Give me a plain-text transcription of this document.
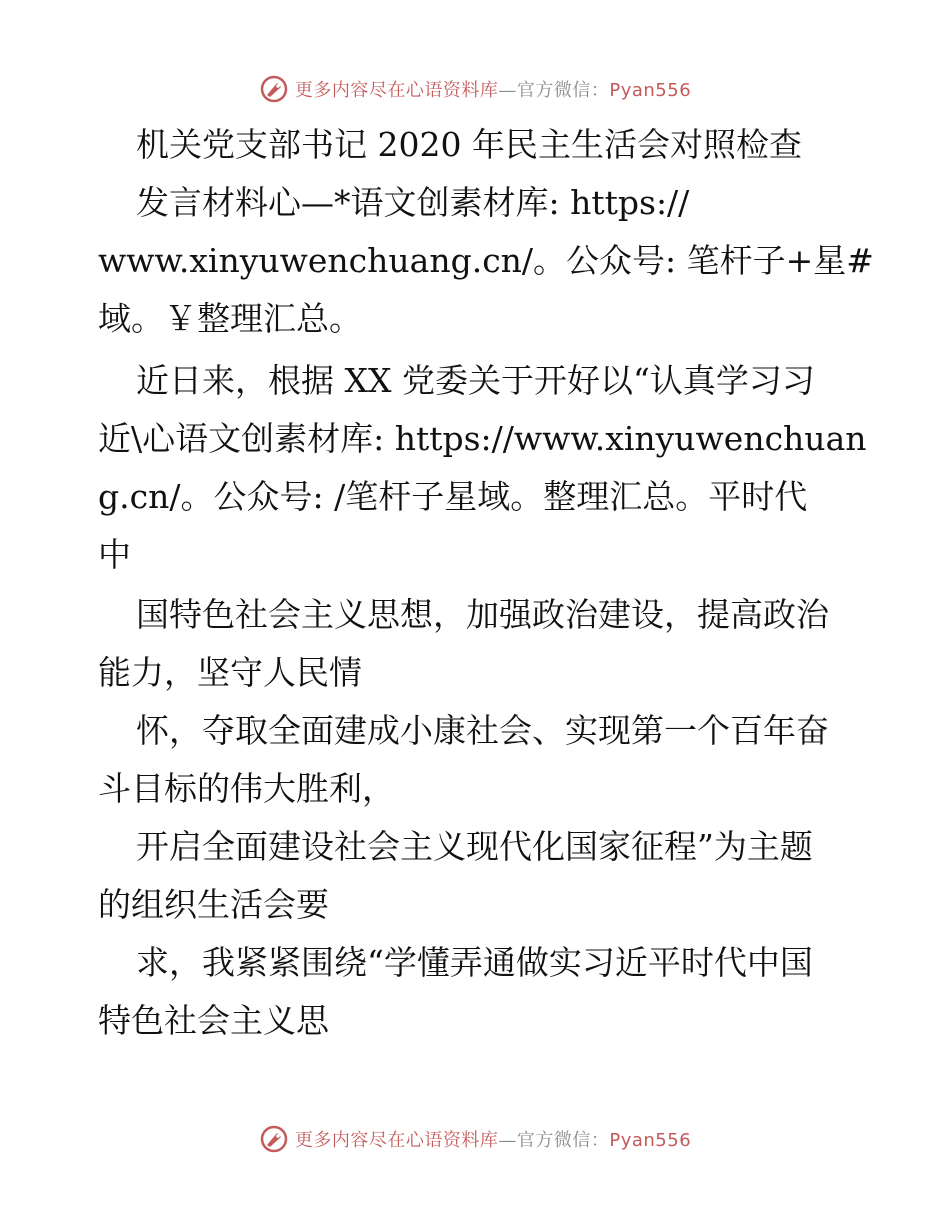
更多内容尽在心语资料库—官方微信：Pyan556
机关党支部书记 2020 年民主生活会对照检查
发言材料心—*语文创素材库: https://
www.xinyuwenchuang.cn/。公众号: 笔杆子+星#
域。￥整理汇总。
近日来，根据 XX 党委关于开好以“认真学习习
近\心语文创素材库: https://www.xinyuwenchuan
g.cn/。公众号: /笔杆子星域。整理汇总。平时代
中
国特色社会主义思想，加强政治建设，提高政治
能力，坚守人民情
怀，夺取全面建成小康社会、实现第一个百年奋
斗目标的伟大胜利，
开启全面建设社会主义现代化国家征程”为主题
的组织生活会要
求，我紧紧围绕“学懂弄通做实习近平时代中国
特色社会主义思
更多内容尽在心语资料库—官方微信：Pyan556
